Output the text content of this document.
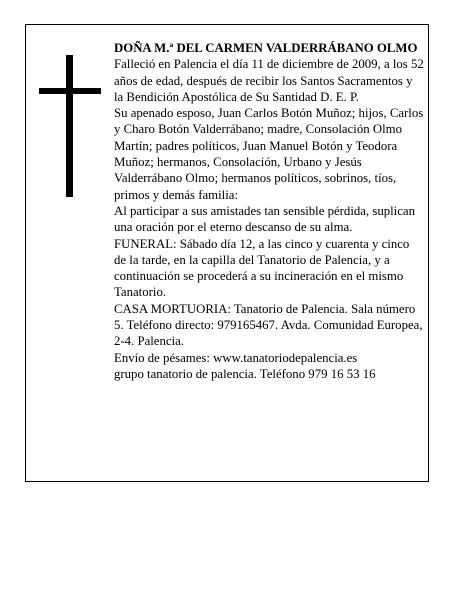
DOÑA M.ª DEL CARMEN VALDERRÁBANO OLMO

Falleció en Palencia el día 11 de diciembre de 2009, a los 52 años de edad, después de recibir los Santos Sacramentos y la Bendición Apostólica de Su Santidad D. E. P.

Su apenado esposo, Juan Carlos Botón Muñoz; hijos, Carlos y Charo Botón Valderrábano; madre, Consolación Olmo Martín; padres políticos, Juan Manuel Botón y Teodora Muñoz; hermanos, Consolación, Urbano y Jesús Valderrábano Olmo; hermanos políticos, sobrinos, tíos, primos y demás familia:

Al participar a sus amistades tan sensible pérdida, suplican una oración por el eterno descanso de su alma.

FUNERAL: Sábado día 12, a las cinco y cuarenta y cinco de la tarde, en la capilla del Tanatorio de Palencia, y a continuación se procederá a su incineración en el mismo Tanatorio.

CASA MORTUORIA: Tanatorio de Palencia. Sala número 5. Teléfono directo: 979165467. Avda. Comunidad Europea, 2-4. Palencia.

Envío de pésames: www.tanatoriodepalencia.es

grupo tanatorio de palencia. Teléfono 979 16 53 16
